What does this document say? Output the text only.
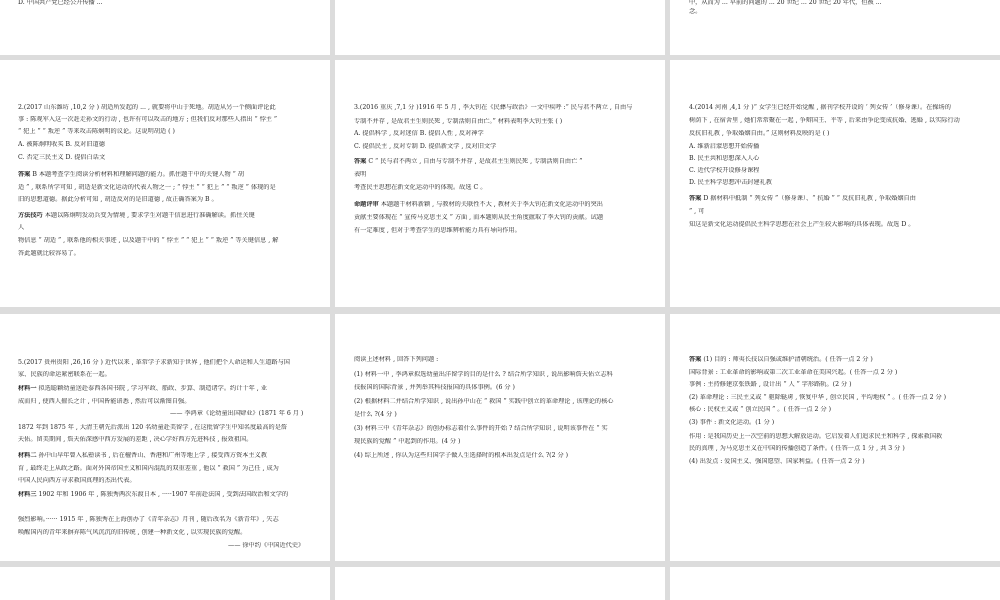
D. 中国共产党已经公开传播 ...	中，从而为 ... 早前的问题的 ... 20 世纪 ... 20 世纪 20 年代，但被 ...
念。
2.(2017 山东潍坊 ,10,2 分 ) 胡适所发起的 ... , 就要将中山于死地。胡适从另一个侧面评论此
事 : 陈观军入这一次赶走孙文的行动 , 也许有可以攻击的地方 ; 但我们反对那些人指出 “ 悖主 ”
“ 犯上 ” “ 叛逆 ” 等来攻击陈炯明的议论。这说明胡适 ( )
A. 被陈炯明收买 B. 反对旧道德
C. 否定三民主义 D. 提倡白话文
答案 B 本题考查学生阅读分析材料和理解问题的能力。抓住题干中的关键人物 “ 胡
适 ” , 联系所学可知 , 胡适是新文化运动的代表人物之一 ; “ 悖主 ” “ 犯上 ” “ 叛逆 ” 体现的是
旧的思想道德。据此分析可知 , 胡适反对的是旧道德 , 故正确答案为 B 。
方法技巧 本题以陈炯明发动兵变为情境 , 要求学生对题干信息进行准确解读。抓住关键
人
物信息 “ 胡适 ” , 联系他的相关事迹 , 以及题干中的 “ 悖主 ” “ 犯上 ” “ 叛逆 ” 等关键信息 , 解
答此题就比较容易了。
3.(2016 重庆 ,7,1 分 )1916 年 5 月 , 李大钊在《民彝与政治》一文中疾呼 :“ 民与君不两立 , 自由与
专制不并存 , 是故君主生则民死 , 专制活则自由亡。” 材料表明李大钊主张 ( )
A. 提倡科学 , 反对迷信 B. 提倡人性 , 反对神学
C. 提倡民主 , 反对专制 D. 提倡新文学 , 反对旧文学
答案 C “ 民与君不两立 , 自由与专制不并存 , 是故君主生则民死 , 专制活则自由亡 ”
表明
考查民主思想在新文化运动中的体现。故选 C 。
命题评审 本题题干材料新颖 , 与教材的关联性不大 , 教材关于李大钊在新文化运动中的突出
贡献主要体现在 “ 宣传马克思主义 ” 方面 , 而本题则从民主角度摭取了李大钊的贡献。试题
有一定难度 , 但对于考查学生的思维辨析能力具有导向作用。
4.(2014 河南 ,4,1 分 )“ 女学生已经开始觉醒 , 据刊学校开设的 ‘ 列女传 ’（修身课）。在操场的
树荫下 , 在宿舍里 , 她们常常聚在一起 , 争辩国王、平等 , 后来由争论变成抗婚、逃婚 , 以实际行动
反抗旧礼教 , 争取婚姻自由。” 这则材料反映的是 ( )
A. 维新启蒙思想开始传播
B. 民主共和思想深入人心
C. 近代学校开设修身课程
D. 民主科学思想冲击封建礼教
答案 D 据材料中抵制 “ 列女传 ”（修身课）、“ 抗婚 ” “ 反抗旧礼教 , 争取婚姻自由
” , 可
知这是新文化运动提倡民主科学思想在社会上产生较大影响的具体表现。故选 D 。
5.(2017 贵州贵阳 ,26,16 分 ) 近代以来 , 革常学子求新知于世界 , 他们把个人命运和人生道路与国
家、民族的命运紧密联系在一起。
材料一 拟选聪颖幼童送赴泰西各国书院 , 学习军政、船政、步算、制造诸学。约计十年 , 业
成而归 , 使西人擅长之计 , 中国皆能谙悉 , 然后可以渐图自强。
—— 李鸿章《论幼童出国肄业》(1871 年 6 月 )
1872 年到 1875 年 , 大清王朝先后派出 120 名幼童赴美留学 , 在这批留学生中知名度最高的是詹
天佑。留美期间 , 詹天佑深感中西方发展的差距 , 决心学好西方先进科技 , 报效祖国。
材料二 孙中山早年曾入私塾读书 , 后在檀香山、香港和广州等地上学 , 接受西方资本主义教
育 , 最终走上从政之路。面对外国帝国主义和国内混乱的双重差重 , 他以 “ 救国 ” 为己任 , 成为
中国人民向西方寻求救国真理的杰出代表。
材料三 1902 年和 1906 年 , 陈独秀两次东渡日本 , ·····1907 年前赴法国 , 受到法国政治和文学的
强烈影响。······ 1915 年 , 陈独秀在上海创办了《青年杂志》月刊 , 随后改名为《新青年》, 矢志
唤醒国内的青年来摒弃陈气风沉沉的旧传统 , 创建一种新文化 , 以实现民族的觉醒。
—— 徐中约《中国近代史》
阅读上述材料 , 回答下列问题 :
(1) 材料一中 , 李鸿章拟选幼童出洋留学的目的是什么 ? 结合所学知识 , 说出影响詹天佑立志科
技报国的国际背景 , 并列举其科技报国的具体事例。(6 分 )
(2) 根据材料二并结合所学知识 , 说出孙中山在 “ 救国 ” 实践中创立的革命理论 , 该理论的核心
是什么 ?(4 分 )
(3) 材料三中《青年杂志》的创办标志着什么事件的开始 ? 结合所学知识 , 说明该事件在 “ 实
现民族的觉醒 ” 中起到的作用。(4 分 )
(4) 综上所述 , 你认为这些归国学子做人生选择时的根本出发点是什么 ?(2 分 )
答案 (1) 目的 : 师夷长技以自强或维护清朝统治。( 任答一点 2 分 )
国际背景 : 工业革命的影响或第二次工业革命在美国兴起。( 任答一点 2 分 )
事例 : 主持修建京张铁路 , 设计出 “ 人 ” 字形路轨。(2 分 )
(2) 革命理论 : 三民主义或 “ 驱除鞑虏 , 恢复中华 , 创立民国 , 平均地权 ” 。( 任答一点 2 分 )
核心 : 民权主义或 “ 创立民国 ” 。( 任答一点 2 分 )
(3) 事件 : 新文化运动。(1 分 )
作用 : 是我国历史上一次空前的思想大解放运动。它启发着人们追求民主和科学 , 探索救国救
民的真理 , 为马克思主义在中国的传播创造了条件。( 任答一点 1 分 , 共 3 分 )
(4) 出发点 : 爱国主义、强国愿望、国家利益。( 任答一点 2 分 )
